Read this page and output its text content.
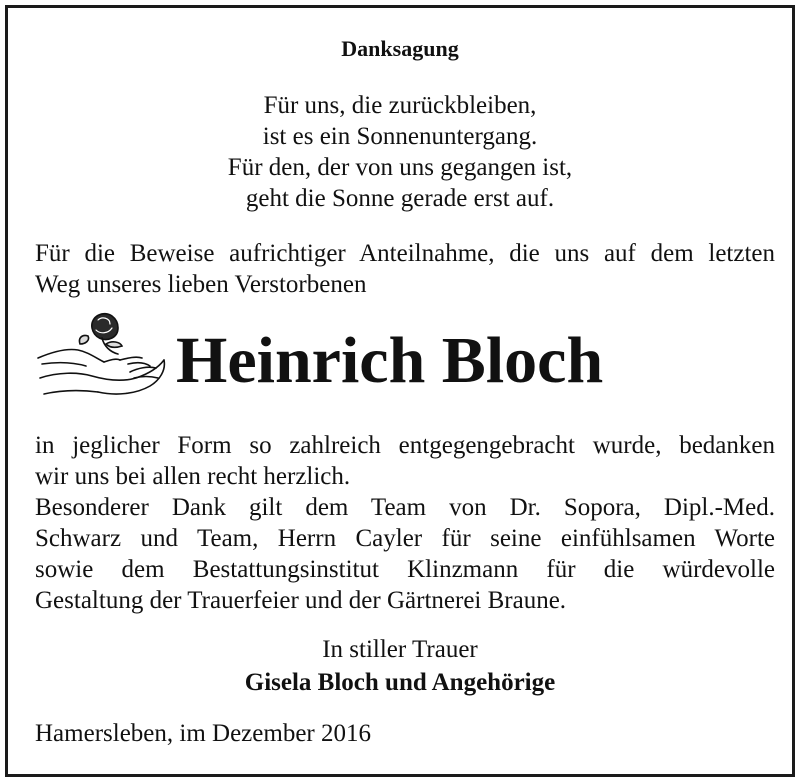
Danksagung
Für uns, die zurückbleiben,
ist es ein Sonnenuntergang.
Für den, der von uns gegangen ist,
geht die Sonne gerade erst auf.
Für die Beweise aufrichtiger Anteilnahme, die uns auf dem letzten
Weg unseres lieben Verstorbenen
Heinrich Bloch
in jeglicher Form so zahlreich entgegengebracht wurde, bedanken
wir uns bei allen recht herzlich.
Besonderer Dank gilt dem Team von Dr. Sopora, Dipl.-Med.
Schwarz und Team, Herrn Cayler für seine einfühlsamen Worte
sowie dem Bestattungsinstitut Klinzmann für die würdevolle
Gestaltung der Trauerfeier und der Gärtnerei Braune.
In stiller Trauer
Gisela Bloch und Angehörige
Hamersleben, im Dezember 2016
